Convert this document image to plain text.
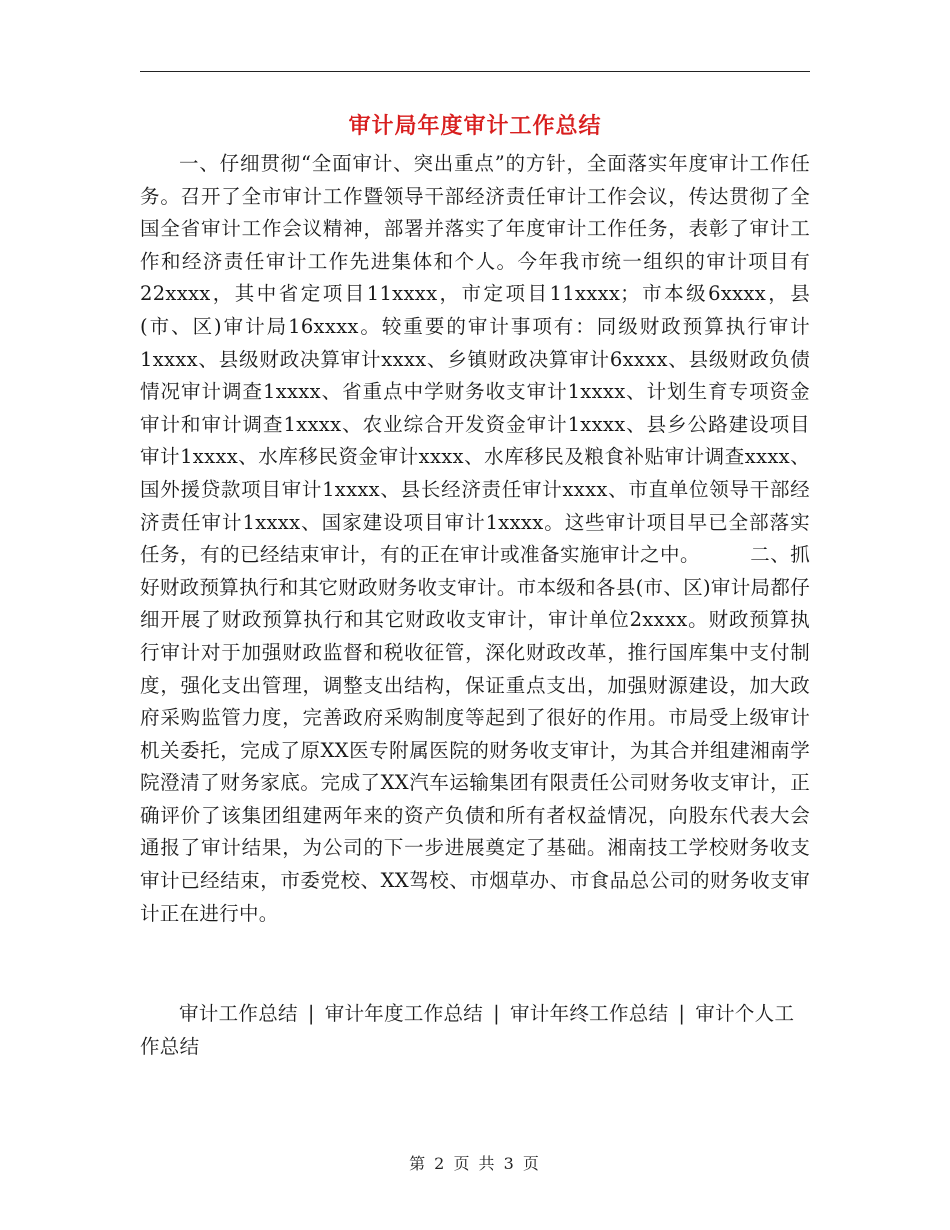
审计局年度审计工作总结

一、仔细贯彻“全面审计、突出重点”的方针，全面落实年度审计工作任务。召开了全市审计工作暨领导干部经济责任审计工作会议，传达贯彻了全国全省审计工作会议精神，部署并落实了年度审计工作任务，表彰了审计工作和经济责任审计工作先进集体和个人。今年我市统一组织的审计项目有22xxxx，其中省定项目11xxxx，市定项目11xxxx；市本级6xxxx，县(市、区)审计局16xxxx。较重要的审计事项有：同级财政预算执行审计1xxxx、县级财政决算审计xxxx、乡镇财政决算审计6xxxx、县级财政负债情况审计调查1xxxx、省重点中学财务收支审计1xxxx、计划生育专项资金审计和审计调查1xxxx、农业综合开发资金审计1xxxx、县乡公路建设项目审计1xxxx、水库移民资金审计xxxx、水库移民及粮食补贴审计调查xxxx、国外援贷款项目审计1xxxx、县长经济责任审计xxxx、市直单位领导干部经济责任审计1xxxx、国家建设项目审计1xxxx。这些审计项目早已全部落实任务，有的已经结束审计，有的正在审计或准备实施审计之中。　　　二、抓好财政预算执行和其它财政财务收支审计。市本级和各县(市、区)审计局都仔细开展了财政预算执行和其它财政收支审计，审计单位2xxxx。财政预算执行审计对于加强财政监督和税收征管，深化财政改革，推行国库集中支付制度，强化支出管理，调整支出结构，保证重点支出，加强财源建设，加大政府采购监管力度，完善政府采购制度等起到了很好的作用。市局受上级审计机关委托，完成了原XX医专附属医院的财务收支审计，为其合并组建湘南学院澄清了财务家底。完成了XX汽车运输集团有限责任公司财务收支审计，正确评价了该集团组建两年来的资产负债和所有者权益情况，向股东代表大会通报了审计结果，为公司的下一步进展奠定了基础。湘南技工学校财务收支审计已经结束，市委党校、XX驾校、市烟草办、市食品总公司的财务收支审计正在进行中。

审计工作总结 | 审计年度工作总结 | 审计年终工作总结 | 审计个人工作总结
第 2 页 共 3 页
